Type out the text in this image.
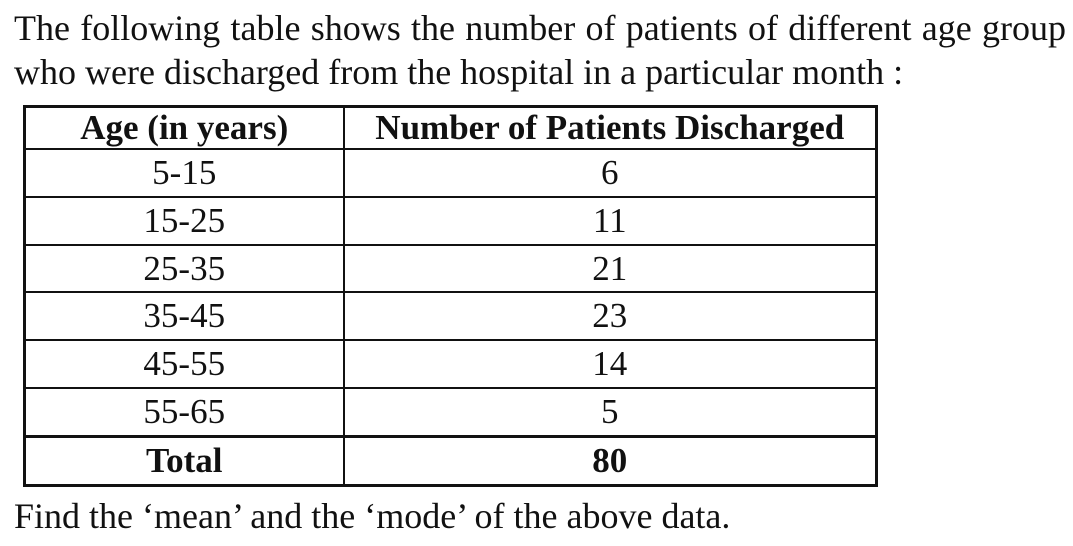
The following table shows the number of patients of different age group
who were discharged from the hospital in a particular month :

Age (in years)	Number of Patients Discharged
5-15	6
15-25	11
25-35	21
35-45	23
45-55	14
55-65	5
Total	80

Find the ‘mean’ and the ‘mode’ of the above data.
